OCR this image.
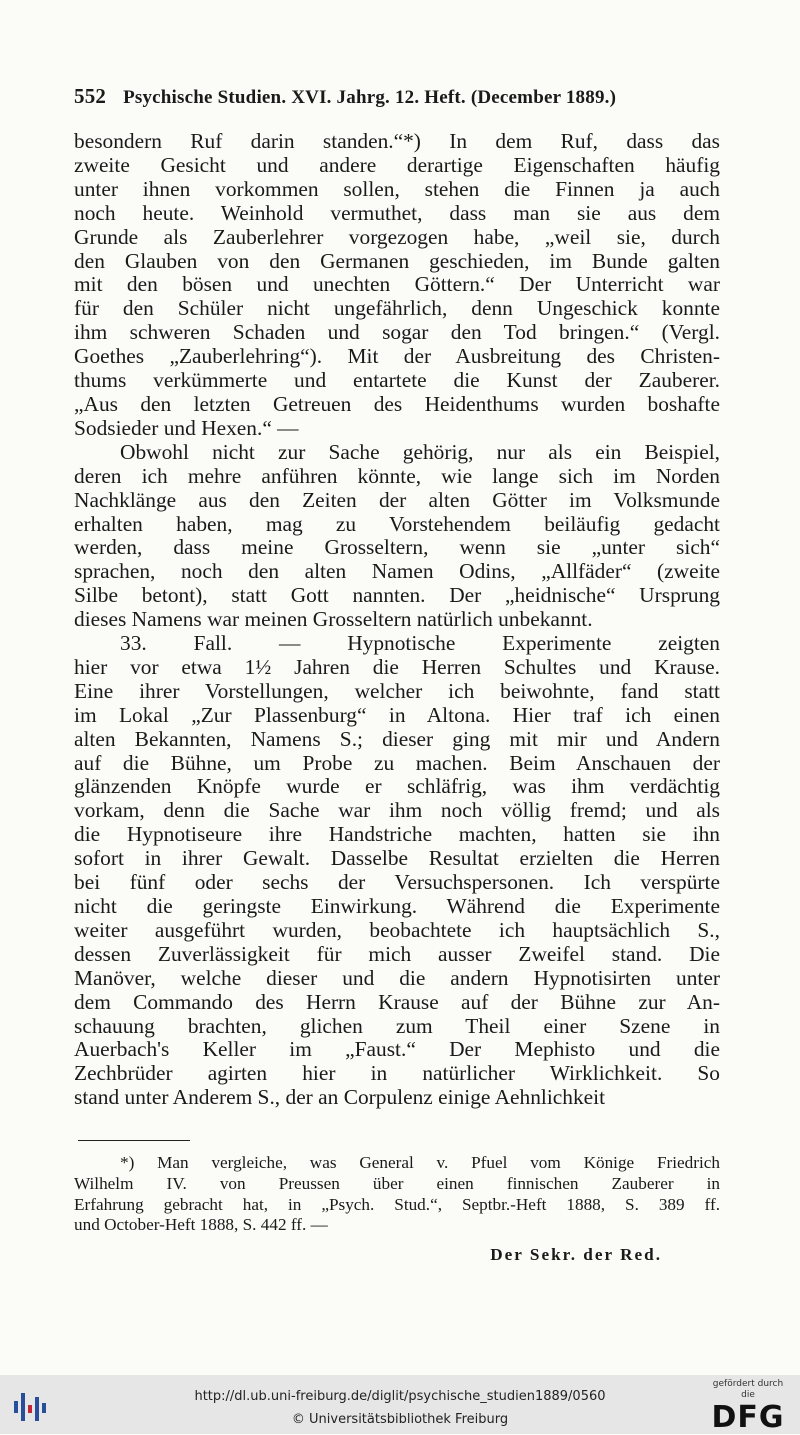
552 Psychische Studien. XVI. Jahrg. 12. Heft. (December 1889.)
besondern Ruf darin standen.“*) In dem Ruf, dass das
zweite Gesicht und andere derartige Eigenschaften häufig
unter ihnen vorkommen sollen, stehen die Finnen ja auch
noch heute. Weinhold vermuthet, dass man sie aus dem
Grunde als Zauberlehrer vorgezogen habe, „weil sie, durch
den Glauben von den Germanen geschieden, im Bunde galten
mit den bösen und unechten Göttern.“ Der Unterricht war
für den Schüler nicht ungefährlich, denn Ungeschick konnte
ihm schweren Schaden und sogar den Tod bringen.“ (Vergl.
Goethes „Zauberlehring“). Mit der Ausbreitung des Christen-
thums verkümmerte und entartete die Kunst der Zauberer.
„Aus den letzten Getreuen des Heidenthums wurden boshafte
Sodsieder und Hexen.“ —
Obwohl nicht zur Sache gehörig, nur als ein Beispiel,
deren ich mehre anführen könnte, wie lange sich im Norden
Nachklänge aus den Zeiten der alten Götter im Volksmunde
erhalten haben, mag zu Vorstehendem beiläufig gedacht
werden, dass meine Grosseltern, wenn sie „unter sich“
sprachen, noch den alten Namen Odins, „Allfäder“ (zweite
Silbe betont), statt Gott nannten. Der „heidnische“ Ursprung
dieses Namens war meinen Grosseltern natürlich unbekannt.
33. Fall. — Hypnotische Experimente zeigten
hier vor etwa 1½ Jahren die Herren Schultes und Krause.
Eine ihrer Vorstellungen, welcher ich beiwohnte, fand statt
im Lokal „Zur Plassenburg“ in Altona. Hier traf ich einen
alten Bekannten, Namens S.; dieser ging mit mir und Andern
auf die Bühne, um Probe zu machen. Beim Anschauen der
glänzenden Knöpfe wurde er schläfrig, was ihm verdächtig
vorkam, denn die Sache war ihm noch völlig fremd; und als
die Hypnotiseure ihre Handstriche machten, hatten sie ihn
sofort in ihrer Gewalt. Dasselbe Resultat erzielten die Herren
bei fünf oder sechs der Versuchspersonen. Ich verspürte
nicht die geringste Einwirkung. Während die Experimente
weiter ausgeführt wurden, beobachtete ich hauptsächlich S.,
dessen Zuverlässigkeit für mich ausser Zweifel stand. Die
Manöver, welche dieser und die andern Hypnotisirten unter
dem Commando des Herrn Krause auf der Bühne zur An-
schauung brachten, glichen zum Theil einer Szene in
Auerbach's Keller im „Faust.“ Der Mephisto und die
Zechbrüder agirten hier in natürlicher Wirklichkeit. So
stand unter Anderem S., der an Corpulenz einige Aehnlichkeit
*) Man vergleiche, was General v. Pfuel vom Könige Friedrich
Wilhelm IV. von Preussen über einen finnischen Zauberer in
Erfahrung gebracht hat, in „Psych. Stud.“, Septbr.-Heft 1888, S. 389 ff.
und October-Heft 1888, S. 442 ff. —
Der Sekr. der Red.
http://dl.ub.uni-freiburg.de/diglit/psychische_studien1889/0560
© Universitätsbibliothek Freiburg
gefördert durch die
DFG
